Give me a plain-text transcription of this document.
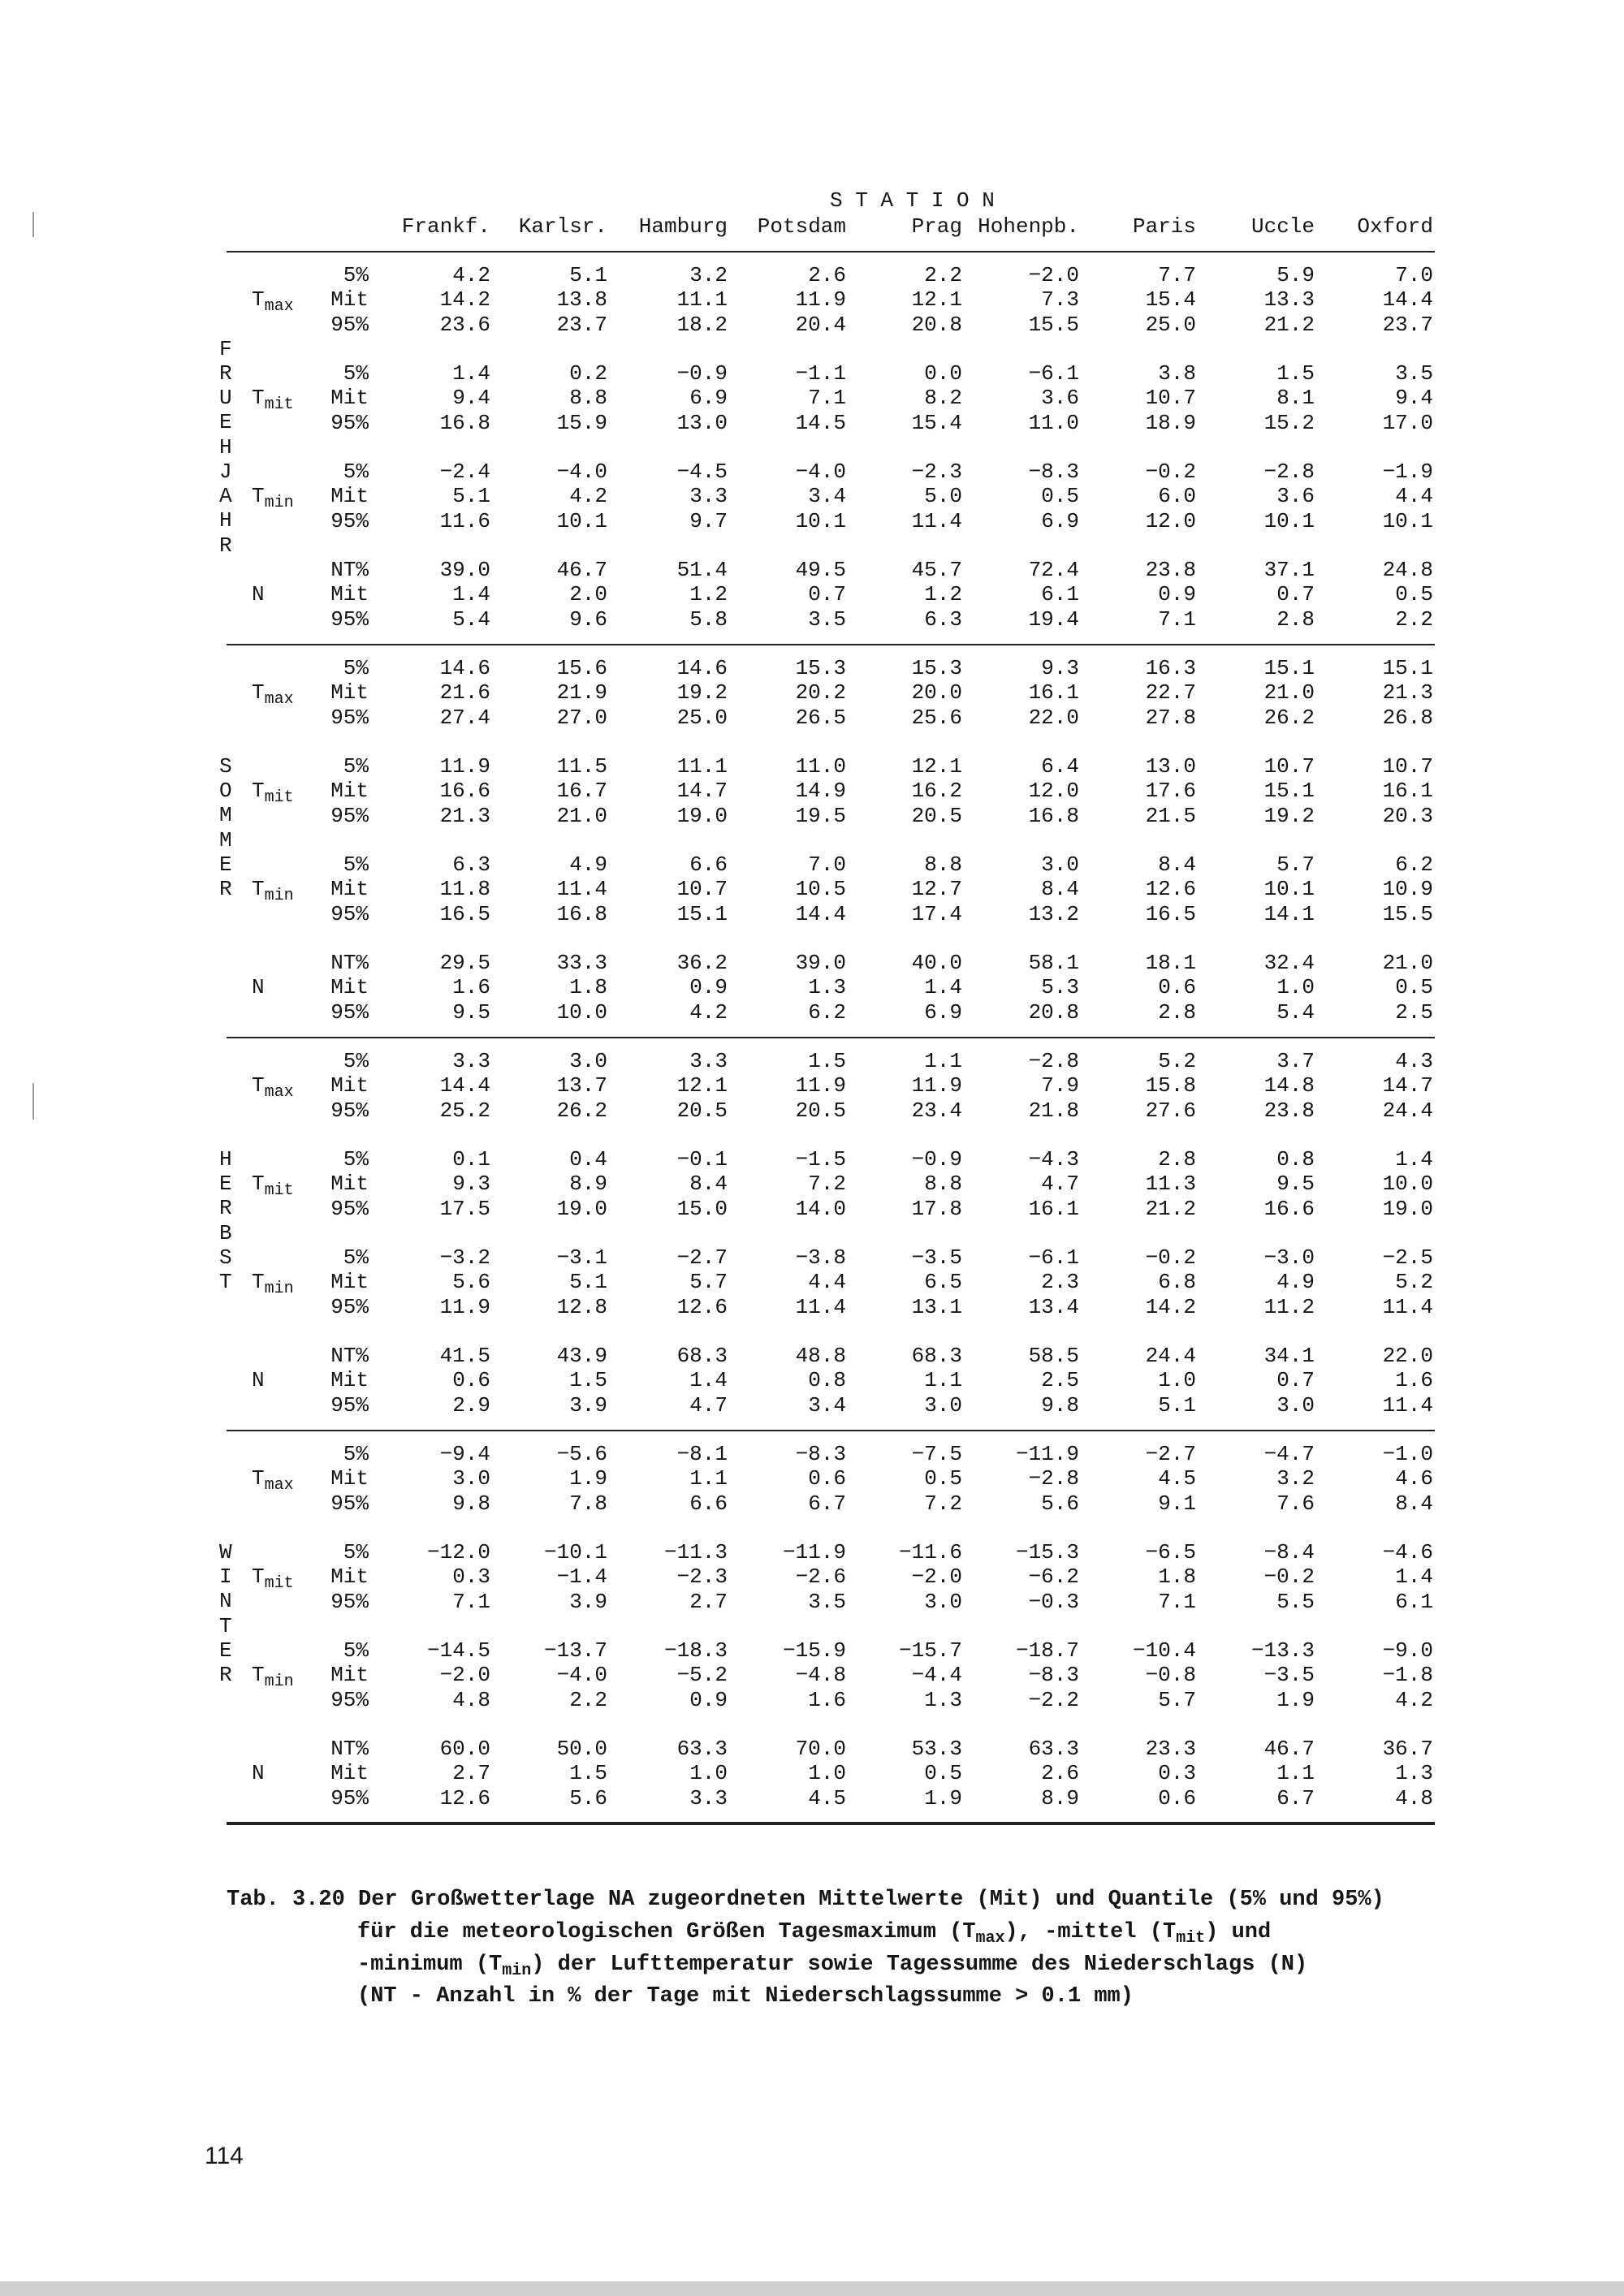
S T A T I O N
Tab. 3.20 Der Großwetterlage NA zugeordneten Mittelwerte (Mit) und Quantile (5% und 95%)
für die meteorologischen Größen Tagesmaximum $(T_{max})$, -mittel $(T_{mit})$ und
-minimum $(T_{min})$ der Lufttemperatur sowie Tagessumme des Niederschlags (N)
(NT - Anzahl in % der Tage mit Niederschlagssumme > 0.1 mm)
114
Frankf. Karlsr. Hamburg Potsdam	Prag Hohenpb.	Paris	Uccle Oxford
FRUEHJAHR
$T_{max}$
5%	4.2	5.1	3.2	2.6	2.2	−2.0	7.7	5.9	7.0
Mit	14.2	13.8	11.1	11.9	12.1	7.3	15.4	13.3	14.4
95%	23.6	23.7	18.2	20.4	20.8	15.5	25.0	21.2	23.7
$T_{mit}$
5%	1.4	0.2	−0.9	−1.1	0.0	−6.1	3.8	1.5	3.5
Mit	9.4	8.8	6.9	7.1	8.2	3.6	10.7	8.1	9.4
95%	16.8	15.9	13.0	14.5	15.4	11.0	18.9	15.2	17.0
$T_{min}$
5%	−2.4	−4.0	−4.5	−4.0	−2.3	−8.3	−0.2	−2.8	−1.9
Mit	5.1	4.2	3.3	3.4	5.0	0.5	6.0	3.6	4.4
95%	11.6	10.1	9.7	10.1	11.4	6.9	12.0	10.1	10.1
N
NT%	39.0	46.7	51.4	49.5	45.7	72.4	23.8	37.1	24.8
Mit	1.4	2.0	1.2	0.7	1.2	6.1	0.9	0.7	0.5
95%	5.4	9.6	5.8	3.5	6.3	19.4	7.1	2.8	2.2
SOMMER
$T_{max}$
5%	14.6	15.6	14.6	15.3	15.3	9.3	16.3	15.1	15.1
Mit	21.6	21.9	19.2	20.2	20.0	16.1	22.7	21.0	21.3
95%	27.4	27.0	25.0	26.5	25.6	22.0	27.8	26.2	26.8
$T_{mit}$
5%	11.9	11.5	11.1	11.0	12.1	6.4	13.0	10.7	10.7
Mit	16.6	16.7	14.7	14.9	16.2	12.0	17.6	15.1	16.1
95%	21.3	21.0	19.0	19.5	20.5	16.8	21.5	19.2	20.3
$T_{min}$
5%	6.3	4.9	6.6	7.0	8.8	3.0	8.4	5.7	6.2
Mit	11.8	11.4	10.7	10.5	12.7	8.4	12.6	10.1	10.9
95%	16.5	16.8	15.1	14.4	17.4	13.2	16.5	14.1	15.5
N
NT%	29.5	33.3	36.2	39.0	40.0	58.1	18.1	32.4	21.0
Mit	1.6	1.8	0.9	1.3	1.4	5.3	0.6	1.0	0.5
95%	9.5	10.0	4.2	6.2	6.9	20.8	2.8	5.4	2.5
HERBST
$T_{max}$
5%	3.3	3.0	3.3	1.5	1.1	−2.8	5.2	3.7	4.3
Mit	14.4	13.7	12.1	11.9	11.9	7.9	15.8	14.8	14.7
95%	25.2	26.2	20.5	20.5	23.4	21.8	27.6	23.8	24.4
$T_{mit}$
5%	0.1	0.4	−0.1	−1.5	−0.9	−4.3	2.8	0.8	1.4
Mit	9.3	8.9	8.4	7.2	8.8	4.7	11.3	9.5	10.0
95%	17.5	19.0	15.0	14.0	17.8	16.1	21.2	16.6	19.0
$T_{min}$
5%	−3.2	−3.1	−2.7	−3.8	−3.5	−6.1	−0.2	−3.0	−2.5
Mit	5.6	5.1	5.7	4.4	6.5	2.3	6.8	4.9	5.2
95%	11.9	12.8	12.6	11.4	13.1	13.4	14.2	11.2	11.4
N
NT%	41.5	43.9	68.3	48.8	68.3	58.5	24.4	34.1	22.0
Mit	0.6	1.5	1.4	0.8	1.1	2.5	1.0	0.7	1.6
95%	2.9	3.9	4.7	3.4	3.0	9.8	5.1	3.0	11.4
WINTER
$T_{max}$
5%	−9.4	−5.6	−8.1	−8.3	−7.5	−11.9	−2.7	−4.7	−1.0
Mit	3.0	1.9	1.1	0.6	0.5	−2.8	4.5	3.2	4.6
95%	9.8	7.8	6.6	6.7	7.2	5.6	9.1	7.6	8.4
$T_{mit}$
5%	−12.0	−10.1	−11.3	−11.9 −11.6	−15.3	−6.5	−8.4	−4.6
Mit	0.3	−1.4	−2.3	−2.6	−2.0	−6.2	1.8	−0.2	1.4
95%	7.1	3.9	2.7	3.5	3.0	−0.3	7.1	5.5	6.1
$T_{min}$
5%	−14.5	−13.7	−18.3	−15.9 −15.7	−18.7	−10.4	−13.3	−9.0
Mit	−2.0	−4.0	−5.2	−4.8	−4.4	−8.3	−0.8	−3.5	−1.8
95%	4.8	2.2	0.9	1.6	1.3	−2.2	5.7	1.9	4.2
N
NT%	60.0	50.0	63.3	70.0	53.3	63.3	23.3	46.7	36.7
Mit	2.7	1.5	1.0	1.0	0.5	2.6	0.3	1.1	1.3
95%	12.6	5.6	3.3	4.5	1.9	8.9	0.6	6.7	4.8
